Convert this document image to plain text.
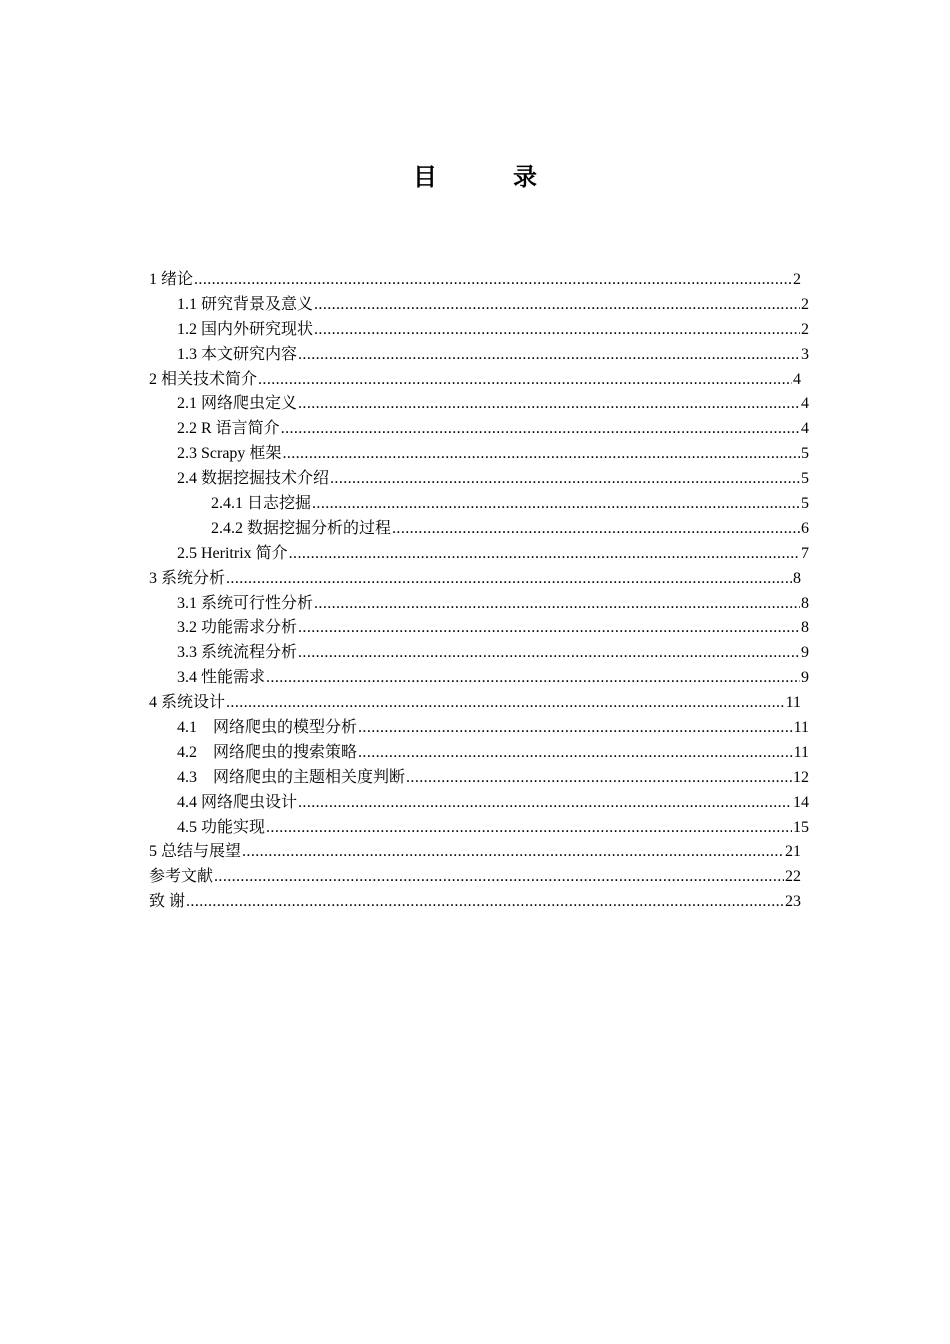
目　录
1 绪论 .....	2
1.1 研究背景及意义 .....	2
1.2 国内外研究现状 .....	2
1.3 本文研究内容 .....	3
2 相关技术简介 .....	4
2.1 网络爬虫定义 .....	4
2.2 R 语言简介 .....	4
2.3 Scrapy 框架 .....	5
2.4 数据挖掘技术介绍 .....	5
2.4.1 日志挖掘 .....	5
2.4.2 数据挖掘分析的过程 .....	6
2.5 Heritrix 简介 .....	7
3 系统分析 .....	8
3.1 系统可行性分析 .....	8
3.2 功能需求分析 .....	8
3.3 系统流程分析 .....	9
3.4 性能需求 .....	9
4 系统设计 .....	11
4.1　网络爬虫的模型分析 .....	11
4.2　网络爬虫的搜索策略 .....	11
4.3　网络爬虫的主题相关度判断 .....	12
4.4 网络爬虫设计 .....	14
4.5 功能实现 .....	15
5 总结与展望 .....	21
参考文献 .....	22
致 谢 .....	23
